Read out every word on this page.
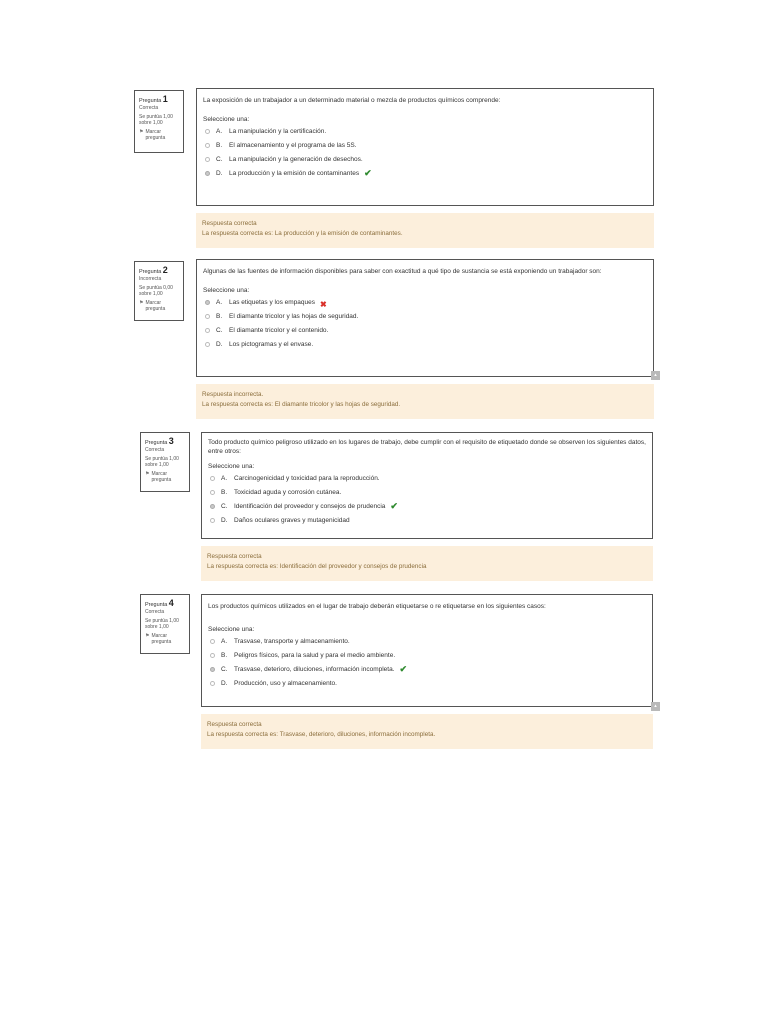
Pregunta 1
Correcta
Se puntúa 1,00 sobre 1,00
⚑ Marcar pregunta
La exposición de un trabajador a un determinado material o mezcla de productos químicos comprende:
Seleccione una:
A.	La manipulación y la certificación.
B.	El almacenamiento y el programa de las 5S.
C.	La manipulación y la generación de desechos.
D.	La producción y la emisión de contaminantes ✔
Respuesta correcta
La respuesta correcta es: La producción y la emisión de contaminantes.
Pregunta 2
Incorrecta
Se puntúa 0,00 sobre 1,00
⚑ Marcar pregunta
Algunas de las fuentes de información disponibles para saber con exactitud a qué tipo de sustancia se está exponiendo un trabajador son:
Seleccione una:
A.	Las etiquetas y los empaques ✖
B.	El diamante tricolor y las hojas de seguridad.
C.	El diamante tricolor y el contenido.
D.	Los pictogramas y el envase.
▴
Respuesta incorrecta.
La respuesta correcta es: El diamante tricolor y las hojas de seguridad.
Pregunta 3
Correcta
Se puntúa 1,00 sobre 1,00
⚑ Marcar pregunta
Todo producto químico peligroso utilizado en los lugares de trabajo, debe cumplir con el requisito de etiquetado donde se observen los siguientes datos, entre otros:
Seleccione una:
A.	Carcinogenicidad y toxicidad para la reproducción.
B.	Toxicidad aguda y corrosión cutánea.
C.	Identificación del proveedor y consejos de prudencia ✔
D.	Daños oculares graves y mutagenicidad
Respuesta correcta
La respuesta correcta es: Identificación del proveedor y consejos de prudencia
Pregunta 4
Correcta
Se puntúa 1,00 sobre 1,00
⚑ Marcar pregunta
Los productos químicos utilizados en el lugar de trabajo deberán etiquetarse o re etiquetarse en los siguientes casos:
Seleccione una:
A.	Trasvase, transporte y almacenamiento.
B.	Peligros físicos, para la salud y para el medio ambiente.
C.	Trasvase, deterioro, diluciones, información incompleta. ✔
D.	Producción, uso y almacenamiento.
▴
Respuesta correcta
La respuesta correcta es: Trasvase, deterioro, diluciones, información incompleta.
